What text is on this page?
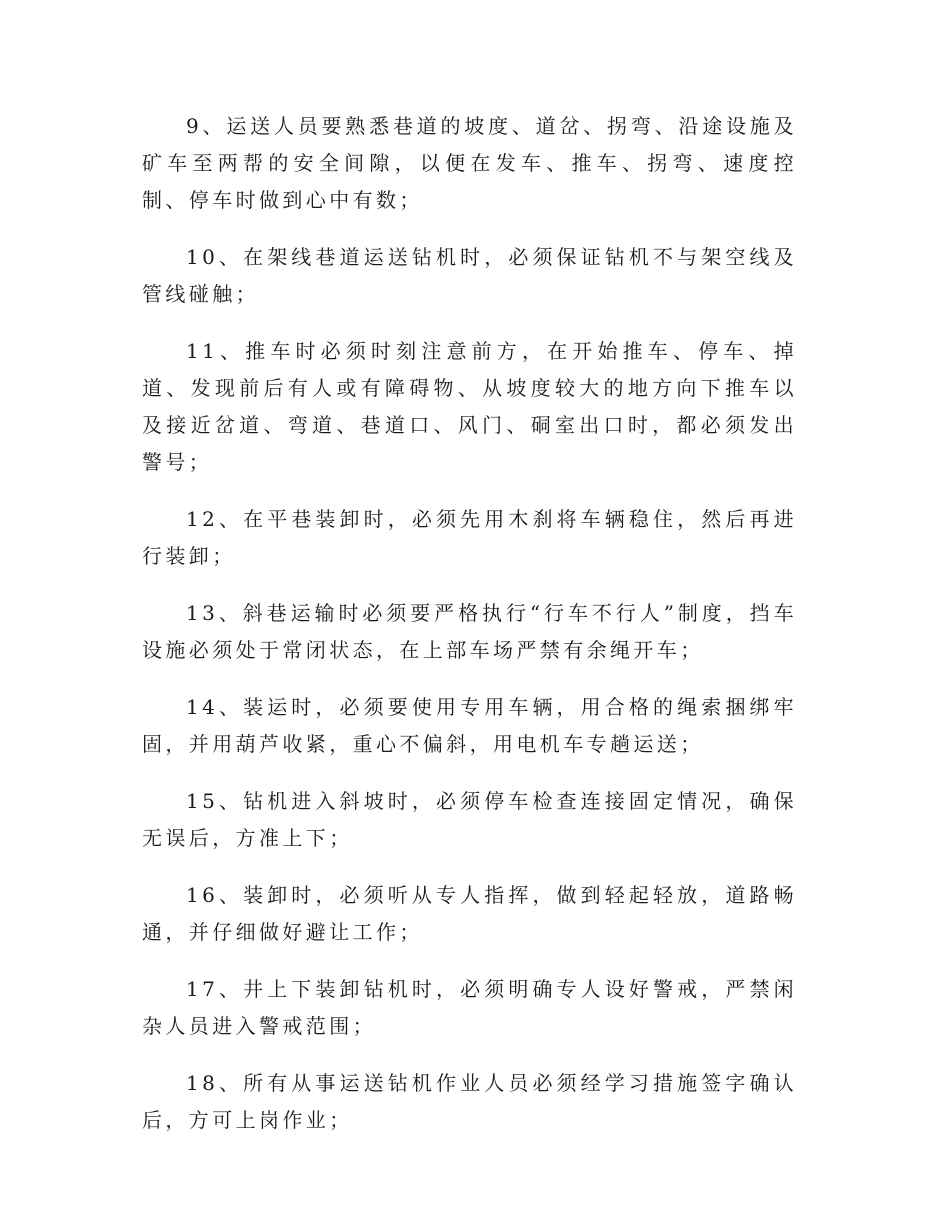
9、运送人员要熟悉巷道的坡度、道岔、拐弯、沿途设施及矿车至两帮的安全间隙，以便在发车、推车、拐弯、速度控制、停车时做到心中有数；

10、在架线巷道运送钻机时，必须保证钻机不与架空线及管线碰触；

11、推车时必须时刻注意前方，在开始推车、停车、掉道、发现前后有人或有障碍物、从坡度较大的地方向下推车以及接近岔道、弯道、巷道口、风门、硐室出口时，都必须发出警号；

12、在平巷装卸时，必须先用木刹将车辆稳住，然后再进行装卸；

13、斜巷运输时必须要严格执行“行车不行人”制度，挡车设施必须处于常闭状态，在上部车场严禁有余绳开车；

14、装运时，必须要使用专用车辆，用合格的绳索捆绑牢固，并用葫芦收紧，重心不偏斜，用电机车专趟运送；

15、钻机进入斜坡时，必须停车检查连接固定情况，确保无误后，方准上下；

16、装卸时，必须听从专人指挥，做到轻起轻放，道路畅通，并仔细做好避让工作；

17、井上下装卸钻机时，必须明确专人设好警戒，严禁闲杂人员进入警戒范围；

18、所有从事运送钻机作业人员必须经学习措施签字确认后，方可上岗作业；
